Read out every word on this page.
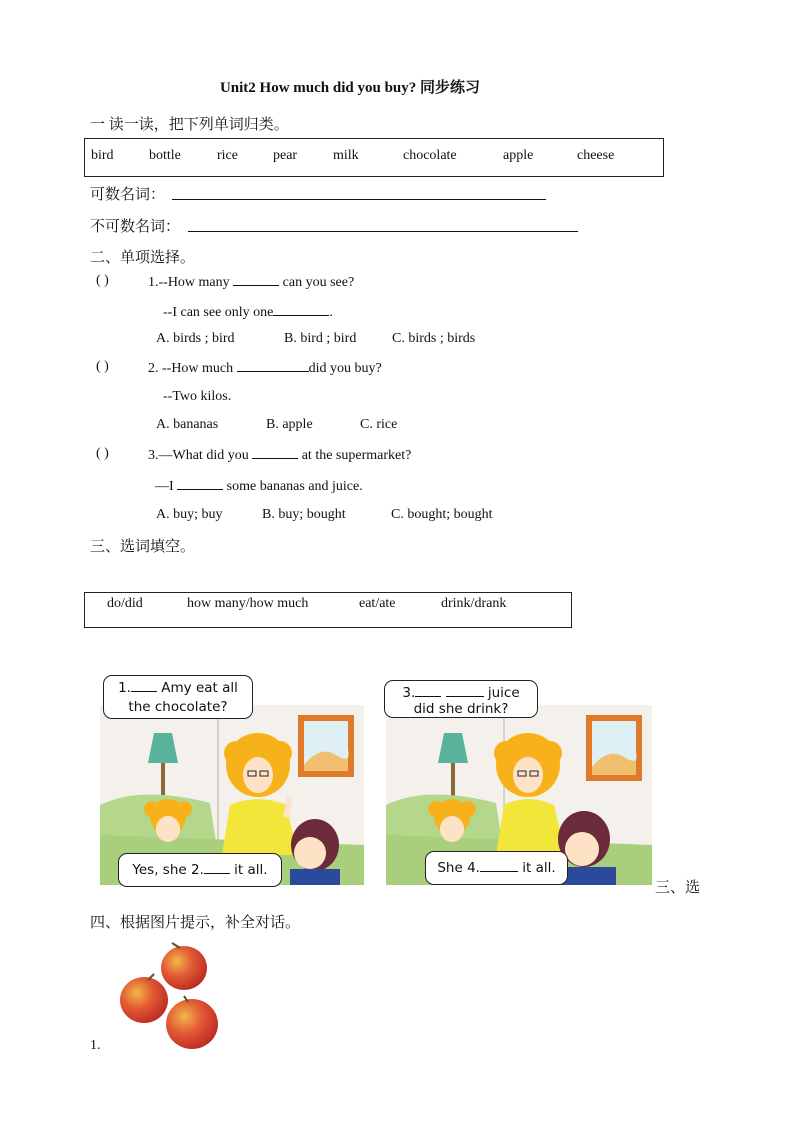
Unit2 How much did you buy? 同步练习
一 读一读，把下列单词归类。
bird	bottle	rice	pear	milk	chocolate	apple	cheese
可数名词：
不可数名词：
二、单项选择。
( )	1.--How many	can you see?
--I can see only one	.
A. birds ; bird	B. bird ; bird	C. birds ; birds
( )	2. --How much	did you buy?
--Two kilos.
A. bananas	B. apple	C. rice
( )	3.—What did you	at the supermarket?
—I	some bananas and juice.
A. buy; buy	B. buy; bought	C. bought; bought
三、选词填空。
do/did	how many/how much	eat/ate	drink/drank
1. Amy eat all
the chocolate?
Yes, she 2. it all.
3.	juice
did she drink?
She 4.	it all.
三、选
四、根据图片提示，补全对话。
1.
